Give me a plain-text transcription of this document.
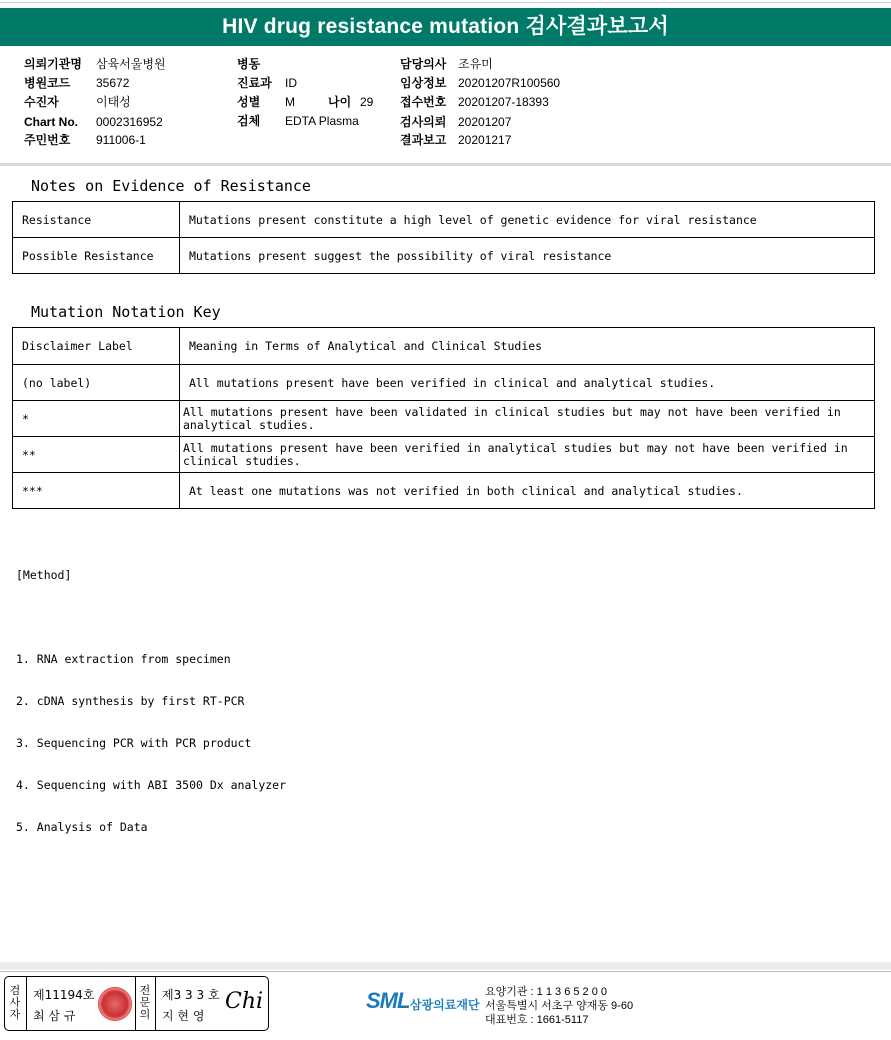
HIV drug resistance mutation 검사결과보고서
의뢰기관명 삼육서울병원
병원코드 35672
수진자	이태성
Chart No. 0002316952
주민번호 911006-1
병동
진료과 ID
성별 M	나이 29
검체 EDTA Plasma
담당의사 조유미
임상정보 20201207R100560
접수번호 20201207-18393
검사의뢰 20201207
결과보고 20201217
Notes on Evidence of Resistance
Resistance	Mutations present constitute a high level of genetic evidence for viral resistance
Possible Resistance	Mutations present suggest the possibility of viral resistance
Mutation Notation Key
Disclaimer Label	Meaning in Terms of Analytical and Clinical Studies
(no label)	All mutations present have been verified in clinical and analytical studies.
*	All mutations present have been validated in clinical studies but may not have been verified in analytical studies.
**	All mutations present have been verified in analytical studies but may not have been verified in clinical studies.
***	At least one mutations was not verified in both clinical and analytical studies.

[Method]

1. RNA extraction from specimen

2. cDNA synthesis by first RT-PCR

3. Sequencing PCR with PCR product

4. Sequencing with ABI 3500 Dx analyzer

5. Analysis of Data

검사자
제11194호
최 삼 규
전문의
제3 3 3 호
지 현 영
Chi	SML 삼광의료재단
요양기관 : 1 1 3 6 5 2 0 0
서울특별시 서초구 양재동 9-60
대표번호 : 1661-5117
